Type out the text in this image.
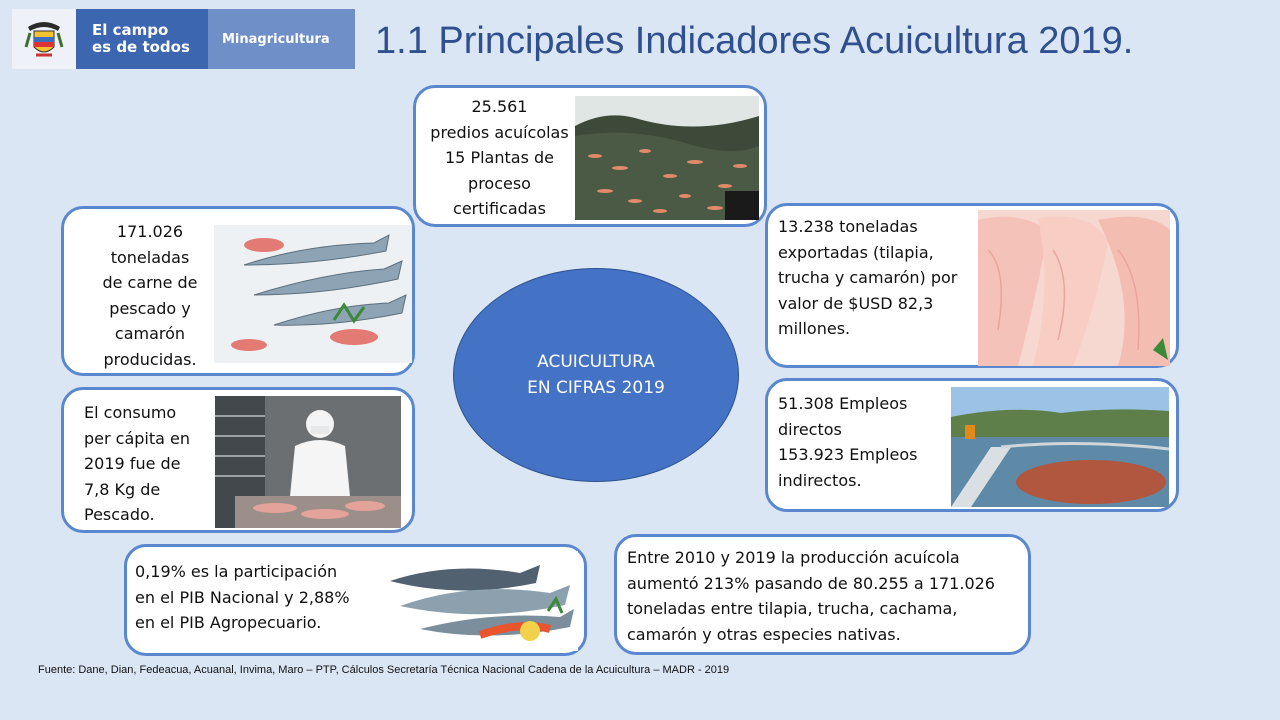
El campo
es de todos	Minagricultura	1.1 Principales Indicadores Acuicultura 2019.
25.561
predios acuícolas
15 Plantas de
proceso
certificadas
171.026
toneladas
de carne de
pescado y
camarón
producidas.
El consumo
per cápita en
2019 fue de
7,8 Kg de
Pescado.
ACUICULTURA
EN CIFRAS 2019
0,19% es la participación
en el PIB Nacional y 2,88%
en el PIB Agropecuario.
13.238 toneladas
exportadas (tilapia,
trucha y camarón) por
valor de $USD 82,3
millones.
51.308 Empleos
directos
153.923 Empleos
indirectos.
Entre 2010 y 2019 la producción acuícola
aumentó 213% pasando de 80.255 a 171.026
toneladas entre tilapia, trucha, cachama,
camarón y otras especies nativas.
Fuente: Dane, Dian, Fedeacua, Acuanal, Invima, Maro – PTP, Cálculos Secretaría Técnica Nacional Cadena de la Acuicultura – MADR - 2019
